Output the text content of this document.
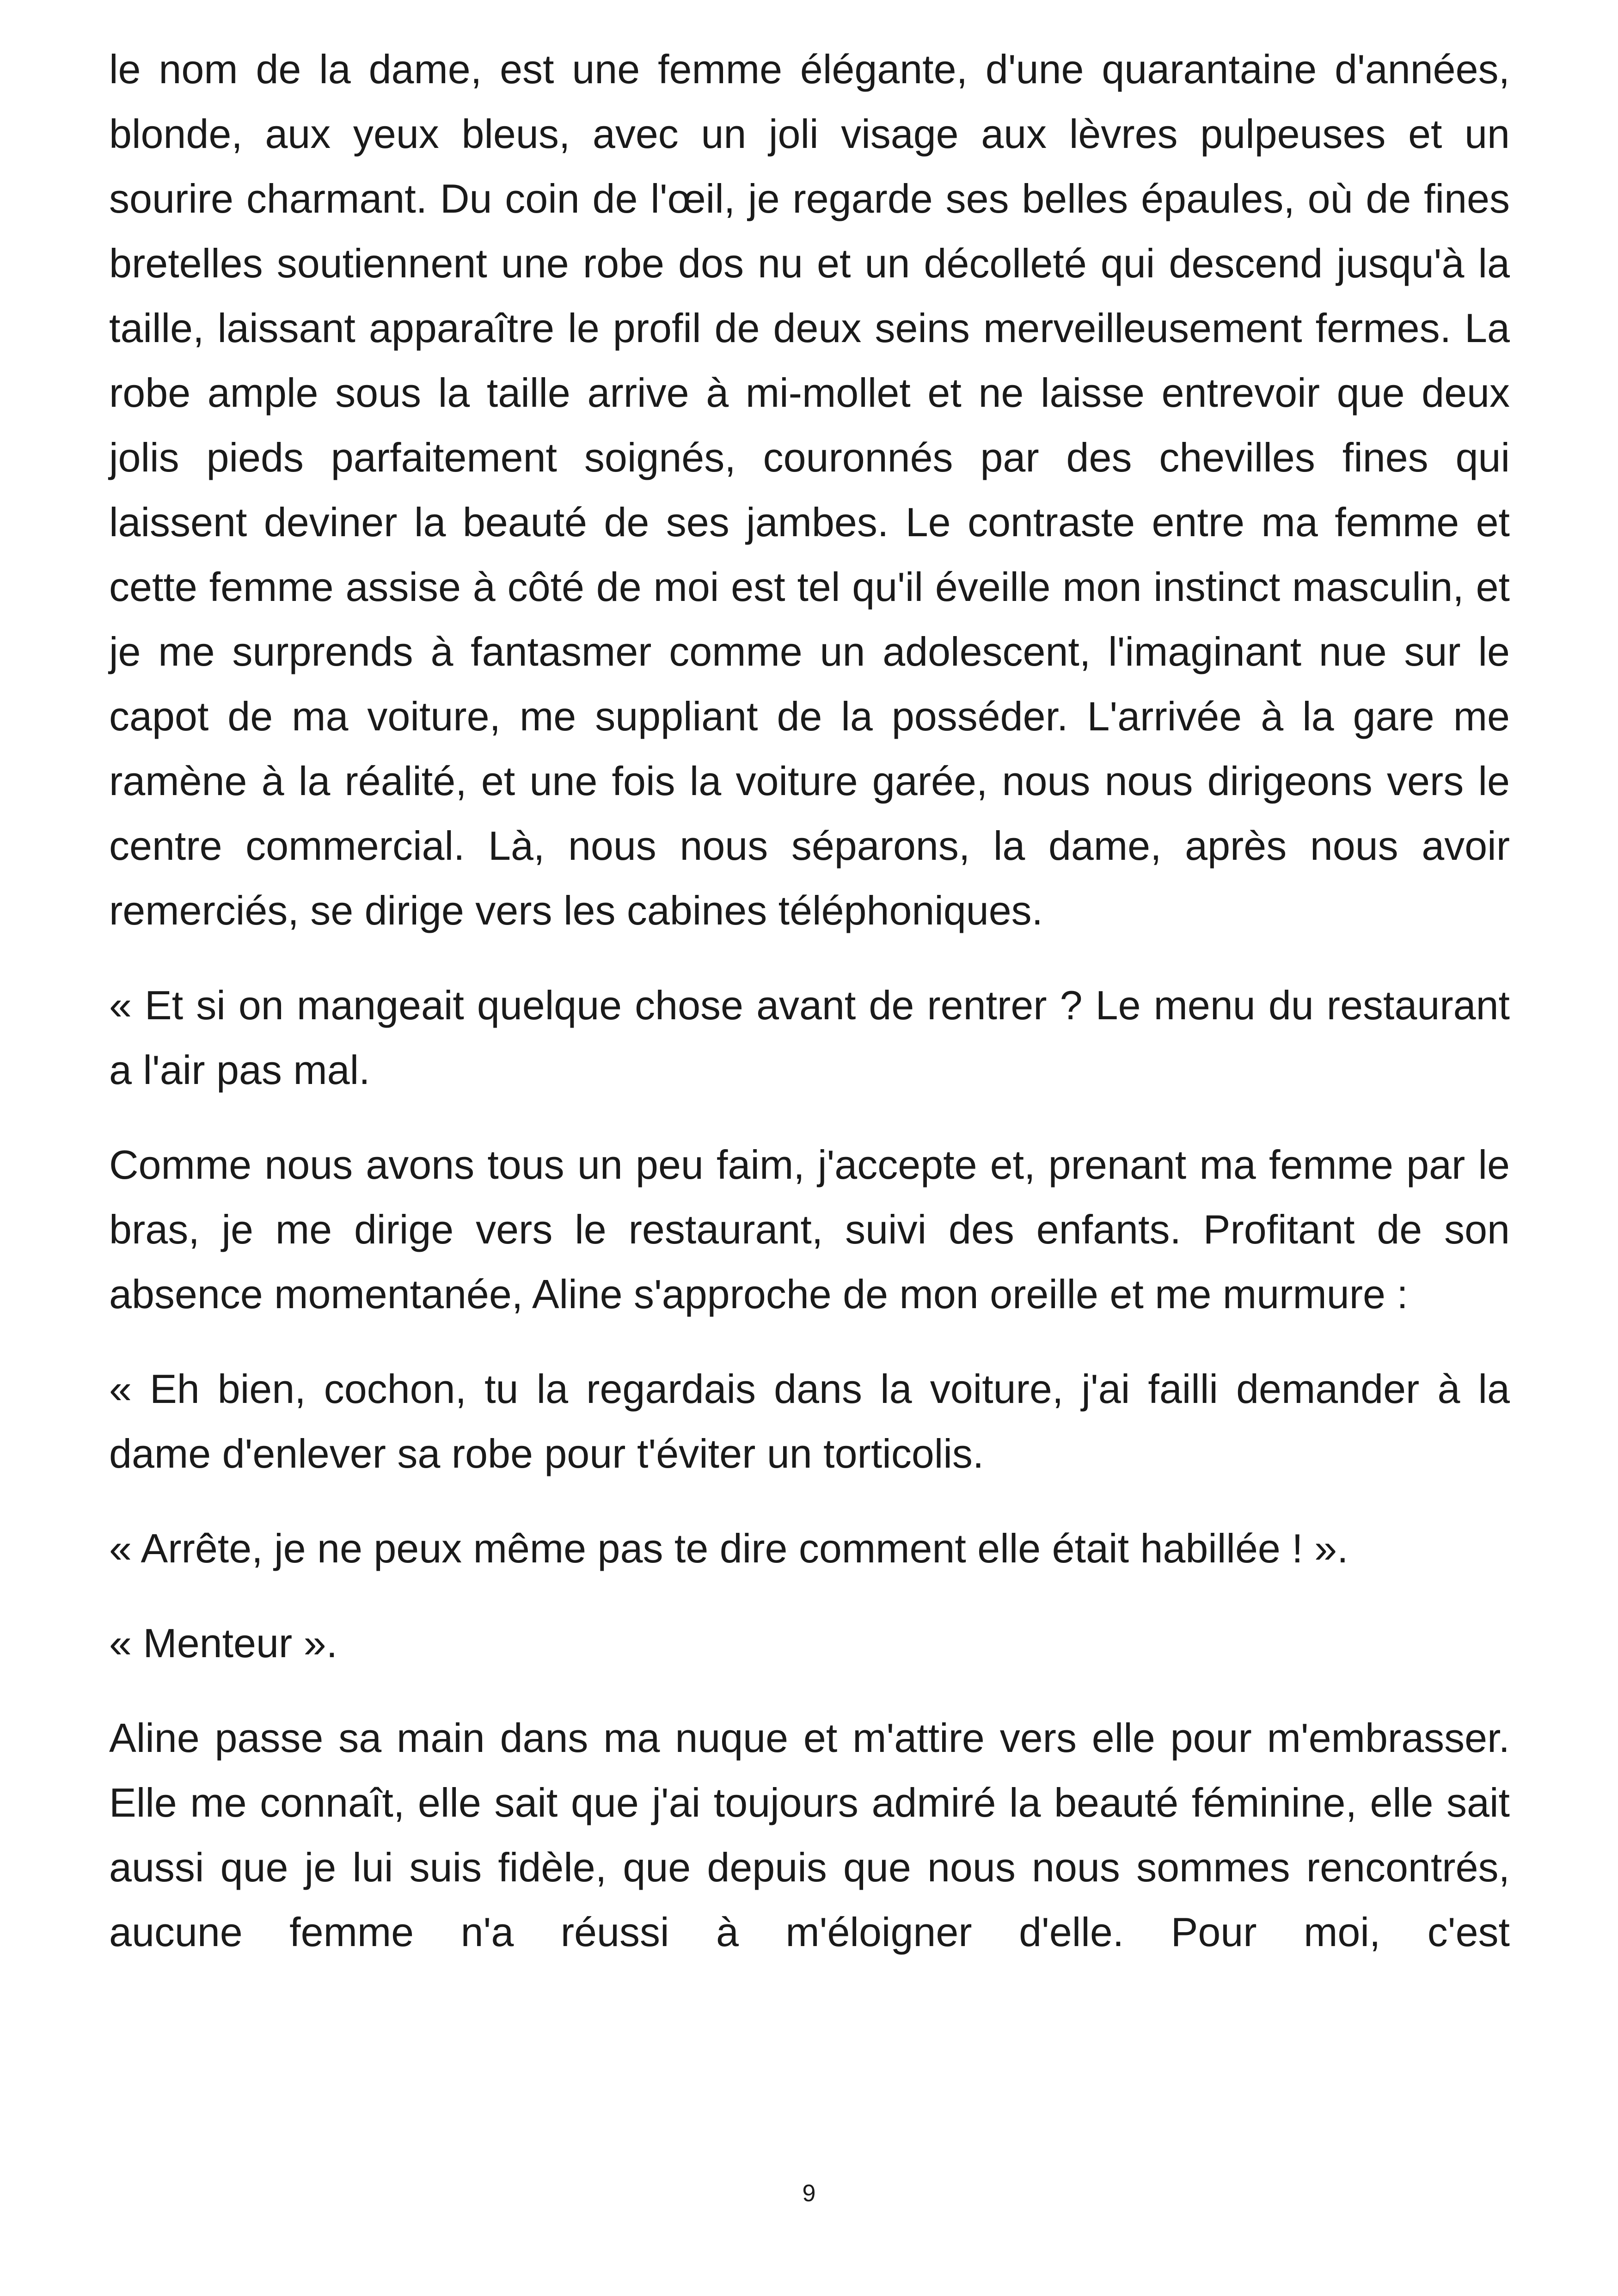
le nom de la dame, est une femme élégante, d'une quarantaine d'années, blonde, aux yeux bleus, avec un joli visage aux lèvres pulpeuses et un sourire charmant. Du coin de l'œil, je regarde ses belles épaules, où de fines bretelles soutiennent une robe dos nu et un décolleté qui descend jusqu'à la taille, laissant apparaître le profil de deux seins merveilleusement fermes. La robe ample sous la taille arrive à mi-mollet et ne laisse entrevoir que deux jolis pieds parfaitement soignés, couronnés par des chevilles fines qui laissent deviner la beauté de ses jambes. Le contraste entre ma femme et cette femme assise à côté de moi est tel qu'il éveille mon instinct masculin, et je me surprends à fantasmer comme un adolescent, l'imaginant nue sur le capot de ma voiture, me suppliant de la posséder. L'arrivée à la gare me ramène à la réalité, et une fois la voiture garée, nous nous dirigeons vers le centre commercial. Là, nous nous séparons, la dame, après nous avoir remerciés, se dirige vers les cabines téléphoniques.

« Et si on mangeait quelque chose avant de rentrer ? Le menu du restaurant a l'air pas mal.

Comme nous avons tous un peu faim, j'accepte et, prenant ma femme par le bras, je me dirige vers le restaurant, suivi des enfants. Profitant de son absence momentanée, Aline s'approche de mon oreille et me murmure :

« Eh bien, cochon, tu la regardais dans la voiture, j'ai failli demander à la dame d'enlever sa robe pour t'éviter un torticolis.

« Arrête, je ne peux même pas te dire comment elle était habillée ! ».

« Menteur ».

Aline passe sa main dans ma nuque et m'attire vers elle pour m'embrasser. Elle me connaît, elle sait que j'ai toujours admiré la beauté féminine, elle sait aussi que je lui suis fidèle, que depuis que nous nous sommes rencontrés, aucune femme n'a réussi à m'éloigner d'elle. Pour moi, c'est

9
